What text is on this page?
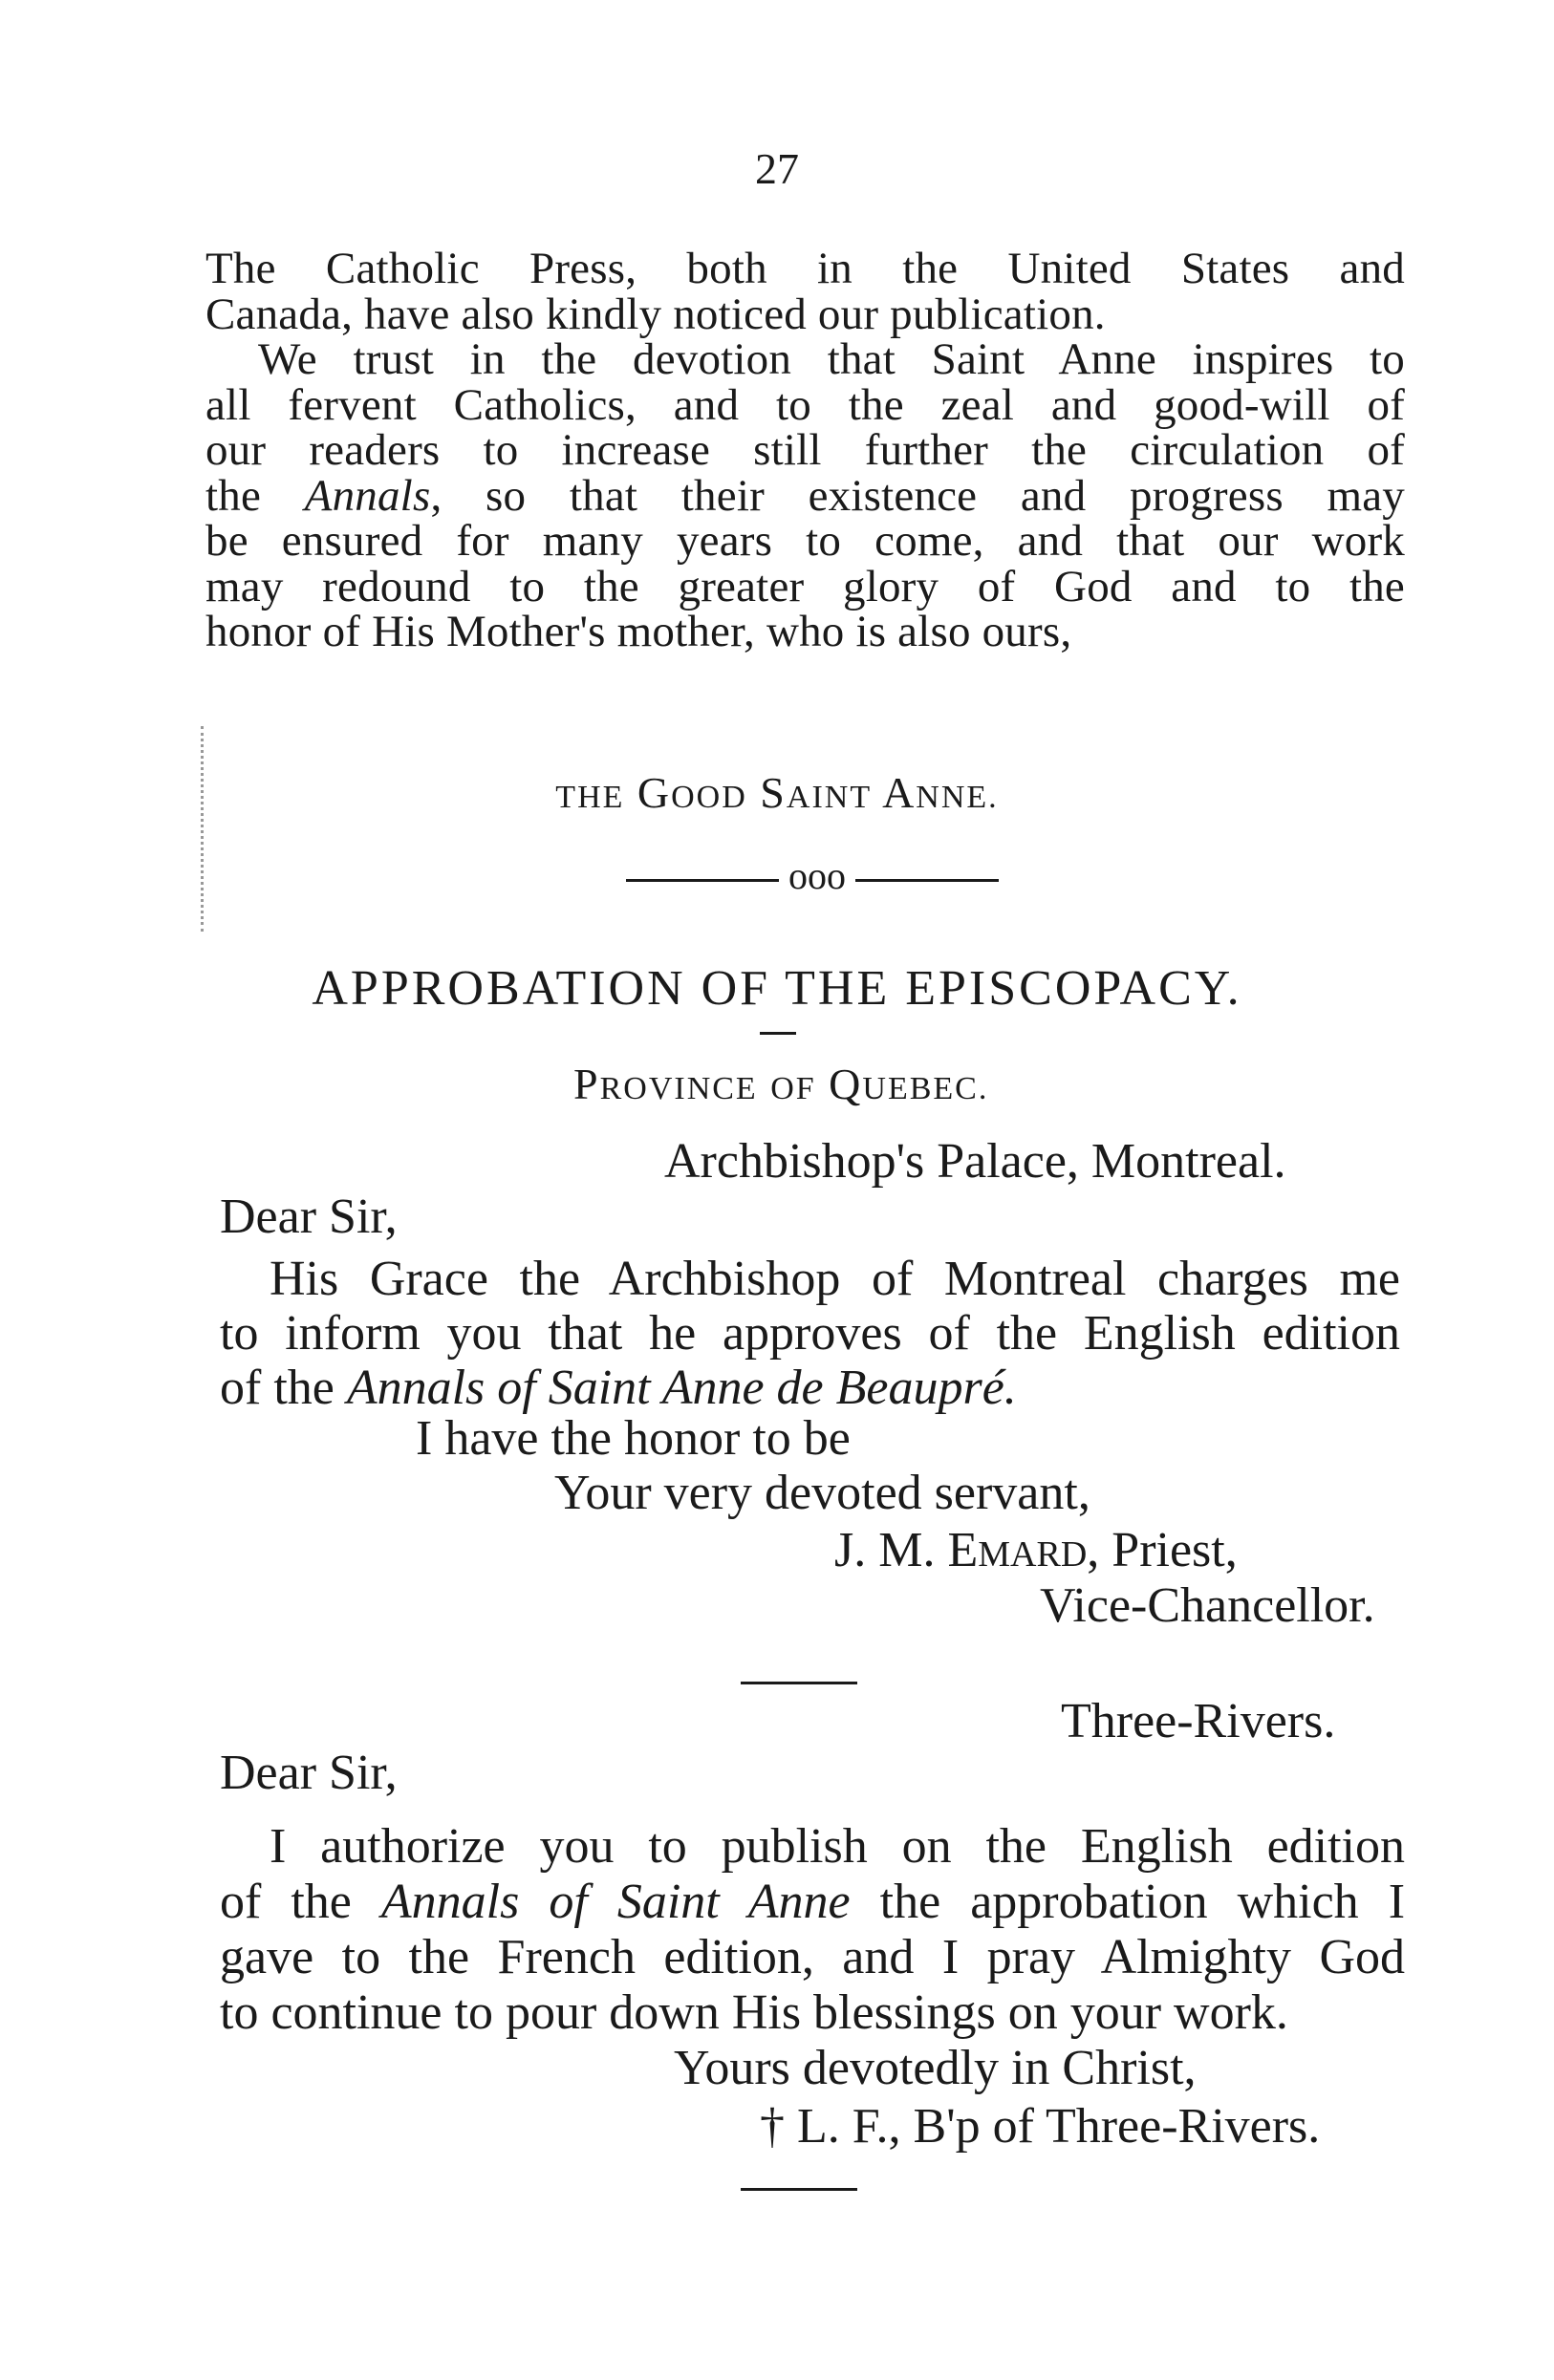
27
The Catholic Press, both in the United States and
Canada, have also kindly noticed our publication.
We trust in the devotion that Saint Anne inspires to
all fervent Catholics, and to the zeal and good-will of
our readers to increase still further the circulation of
the Annals, so that their existence and progress may
be ensured for many years to come, and that our work
may redound to the greater glory of God and to the
honor of His Mother's mother, who is also ours,
THE GOOD SAINT ANNE.
ooo
APPROBATION OF THE EPISCOPACY.
PROVINCE OF QUEBEC.
Archbishop's Palace, Montreal.
Dear Sir,
His Grace the Archbishop of Montreal charges me
to inform you that he approves of the English edition
of the Annals of Saint Anne de Beaupré.
I have the honor to be
Your very devoted servant,
J. M. EMARD, Priest,
Vice-Chancellor.
Three-Rivers.
Dear Sir,
I authorize you to publish on the English edition
of the Annals of Saint Anne the approbation which I
gave to the French edition, and I pray Almighty God
to continue to pour down His blessings on your work.
Yours devotedly in Christ,
† L. F., B'p of Three-Rivers.
